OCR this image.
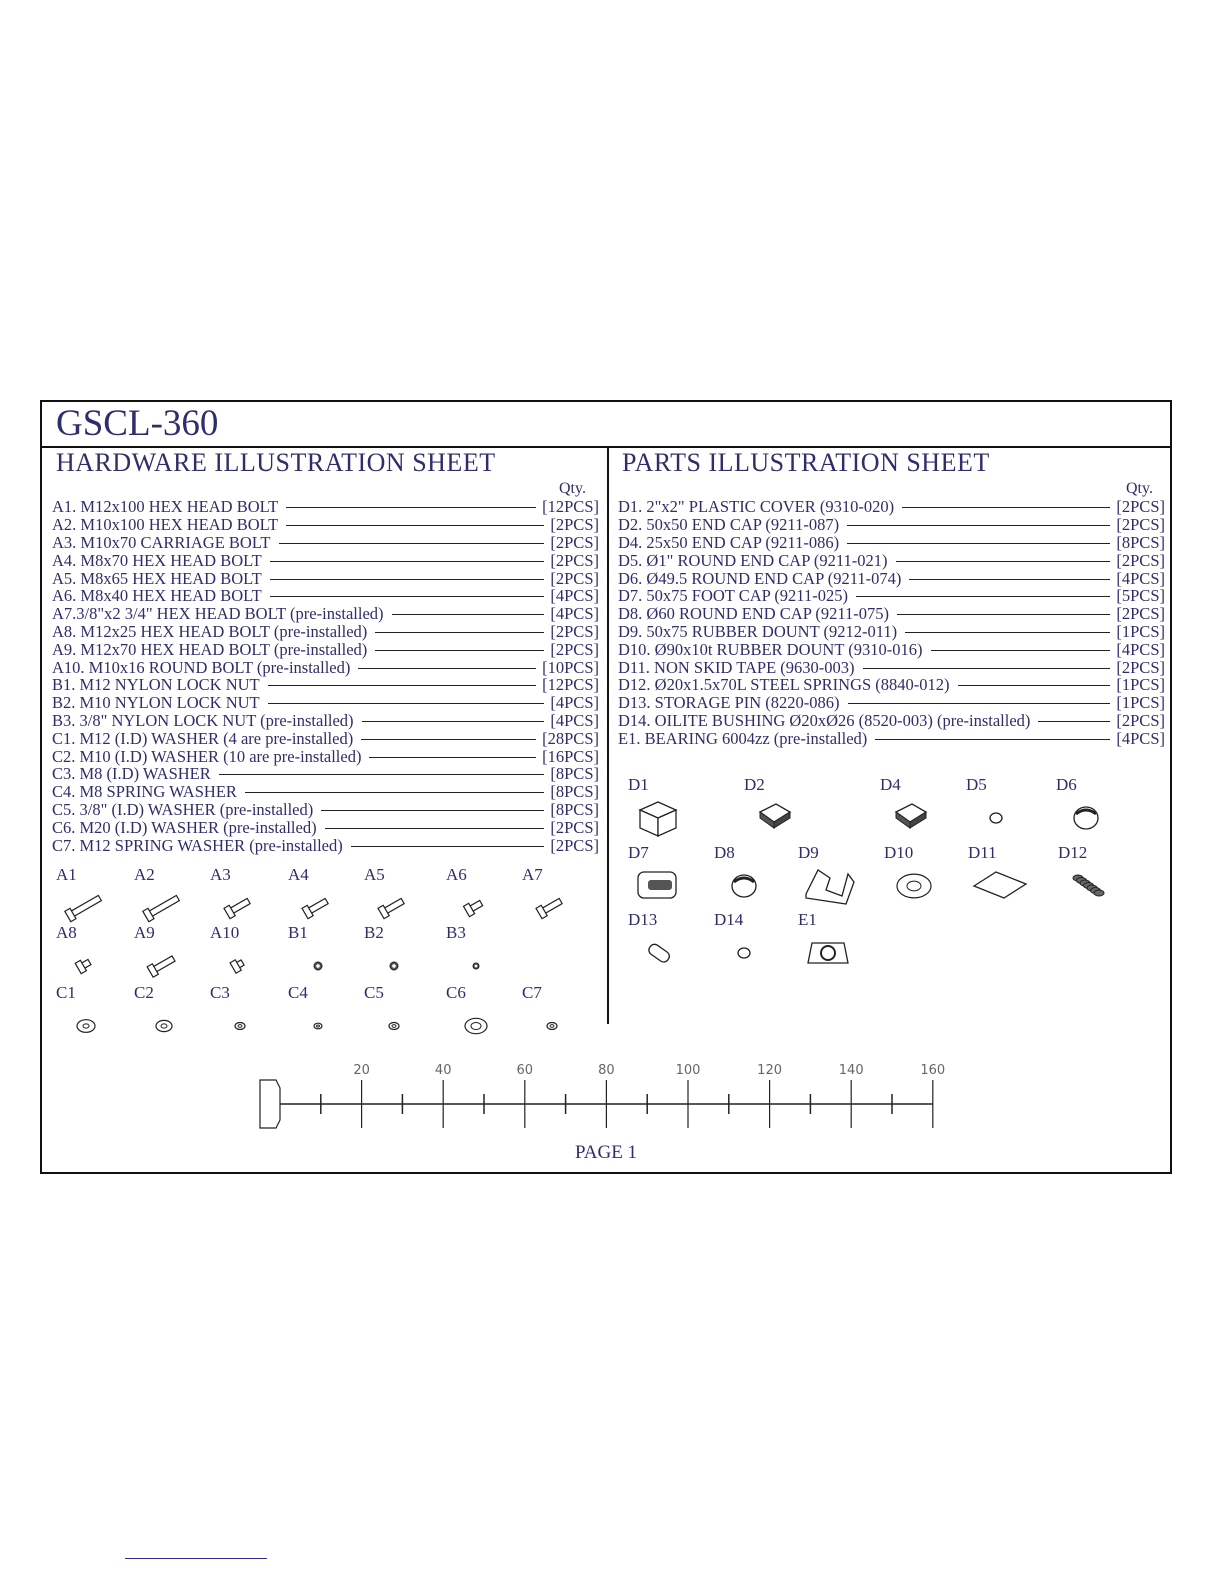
GSCL-360
HARDWARE ILLUSTRATION SHEET	PARTS ILLUSTRATION SHEET
Qty.	Qty.
A1. M12x100 HEX HEAD BOLT	[12PCS]
A2. M10x100 HEX HEAD BOLT	[2PCS]
A3. M10x70 CARRIAGE BOLT	[2PCS]
A4. M8x70 HEX HEAD BOLT	[2PCS]
A5. M8x65 HEX HEAD BOLT	[2PCS]
A6. M8x40 HEX HEAD BOLT	[4PCS]
A7.3/8"x2 3/4" HEX HEAD BOLT (pre-installed)	[4PCS]
A8. M12x25 HEX HEAD BOLT (pre-installed)	[2PCS]
A9. M12x70 HEX HEAD BOLT (pre-installed)	[2PCS]
A10. M10x16 ROUND BOLT (pre-installed)	[10PCS]
B1. M12 NYLON LOCK NUT	[12PCS]
B2. M10 NYLON LOCK NUT	[4PCS]
B3. 3/8" NYLON LOCK NUT (pre-installed)	[4PCS]
C1. M12 (I.D) WASHER (4 are pre-installed)	[28PCS]
C2. M10 (I.D) WASHER (10 are pre-installed)	[16PCS]
C3. M8 (I.D) WASHER	[8PCS]
C4. M8 SPRING WASHER	[8PCS]
C5. 3/8" (I.D) WASHER (pre-installed)	[8PCS]
C6. M20 (I.D) WASHER (pre-installed)	[2PCS]
C7. M12 SPRING WASHER (pre-installed)	[2PCS]
D1. 2"x2" PLASTIC COVER (9310-020)	[2PCS]
D2. 50x50 END CAP (9211-087)	[2PCS]
D4. 25x50 END CAP (9211-086)	[8PCS]
D5. Ø1" ROUND END CAP (9211-021)	[2PCS]
D6. Ø49.5 ROUND END CAP (9211-074)	[4PCS]
D7. 50x75 FOOT CAP (9211-025)	[5PCS]
D8. Ø60 ROUND END CAP (9211-075)	[2PCS]
D9. 50x75 RUBBER DOUNT (9212-011)	[1PCS]
D10. Ø90x10t RUBBER DOUNT (9310-016)	[4PCS]
D11. NON SKID TAPE (9630-003)	[2PCS]
D12. Ø20x1.5x70L STEEL SPRINGS (8840-012)	[1PCS]
D13. STORAGE PIN (8220-086)	[1PCS]
D14. OILITE BUSHING Ø20xØ26 (8520-003) (pre-installed)	[2PCS]
E1. BEARING 6004zz (pre-installed)	[4PCS]
A1	A2	A3	A4	A5	A6	A7
A8	A9	A10	B1	B2	B3
C1	C2	C3	C4	C5	C6	C7
D1	D2	D4	D5	D6
D7	D8	D9	D10	D11	D12
D13	D14	E1
20	40	60	80	100	120	140	160
PAGE 1
